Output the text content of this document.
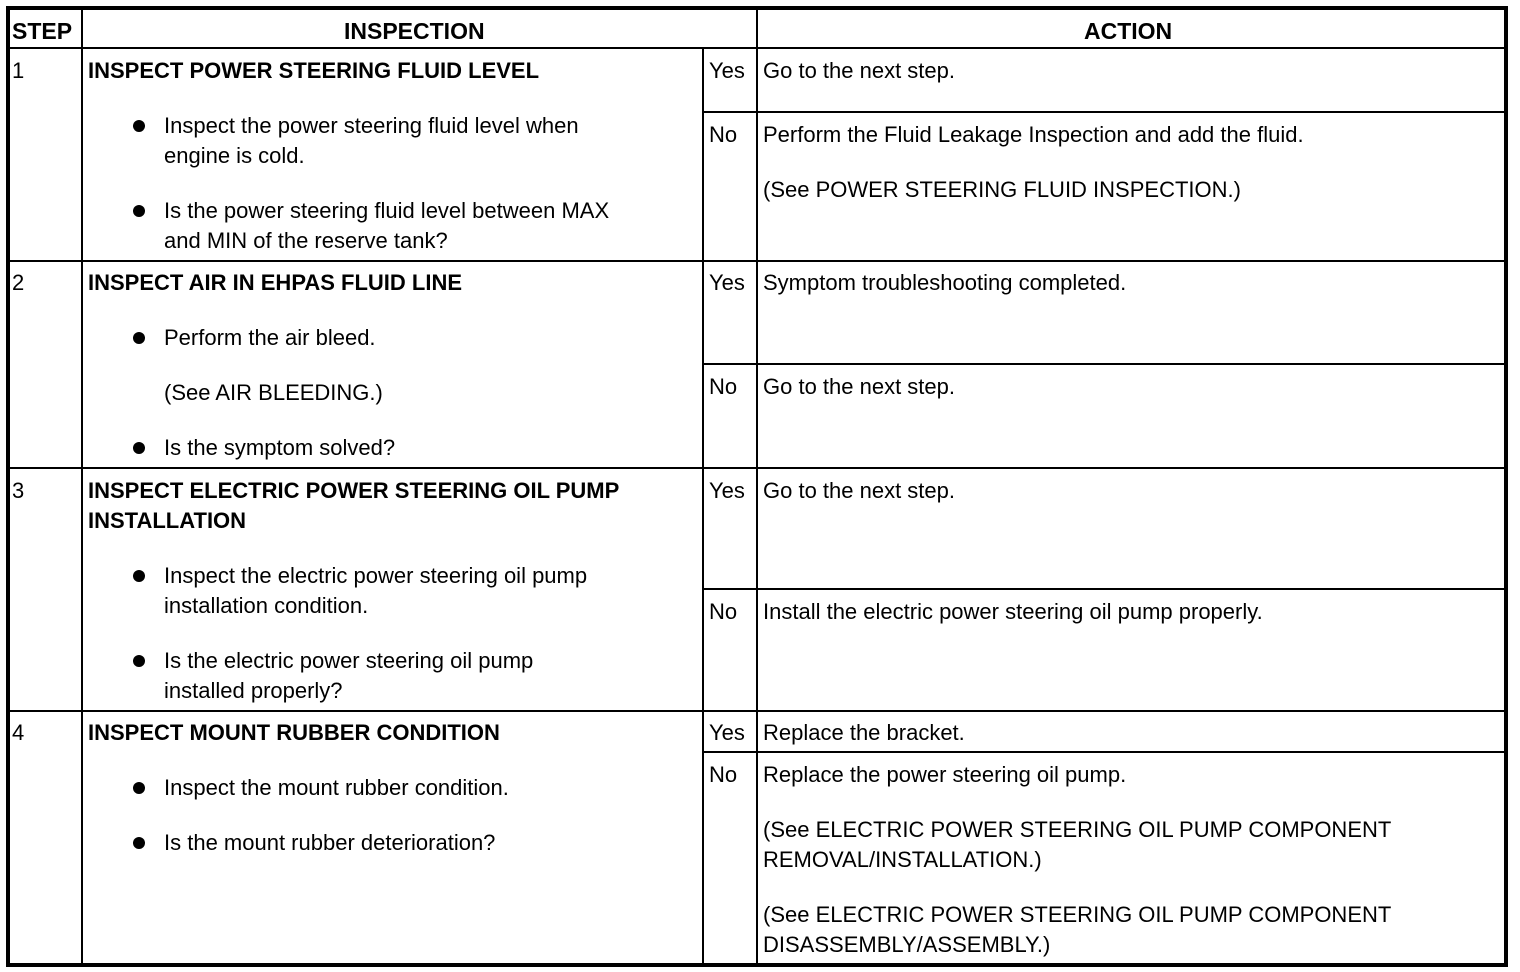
STEP	INSPECTION	ACTION

1	INSPECT POWER STEERING FLUID LEVEL

Inspect the power steering fluid level when

engine is cold.

Is the power steering fluid level between MAX

and MIN of the reserve tank?

Yes Go to the next step.

No Perform the Fluid Leakage Inspection and add the fluid.

(See POWER STEERING FLUID INSPECTION.)

2	INSPECT AIR IN EHPAS FLUID LINE

Perform the air bleed.

(See AIR BLEEDING.)

Is the symptom solved?

Yes Symptom troubleshooting completed.

No Go to the next step.

3	INSPECT ELECTRIC POWER STEERING OIL PUMP

INSTALLATION

Inspect the electric power steering oil pump

installation condition.

Is the electric power steering oil pump

installed properly?

Yes Go to the next step.

No Install the electric power steering oil pump properly.

4	INSPECT MOUNT RUBBER CONDITION

Inspect the mount rubber condition.

Is the mount rubber deterioration?

Yes Replace the bracket.

No Replace the power steering oil pump.

(See ELECTRIC POWER STEERING OIL PUMP COMPONENT

REMOVAL/INSTALLATION.)

(See ELECTRIC POWER STEERING OIL PUMP COMPONENT

DISASSEMBLY/ASSEMBLY.)
